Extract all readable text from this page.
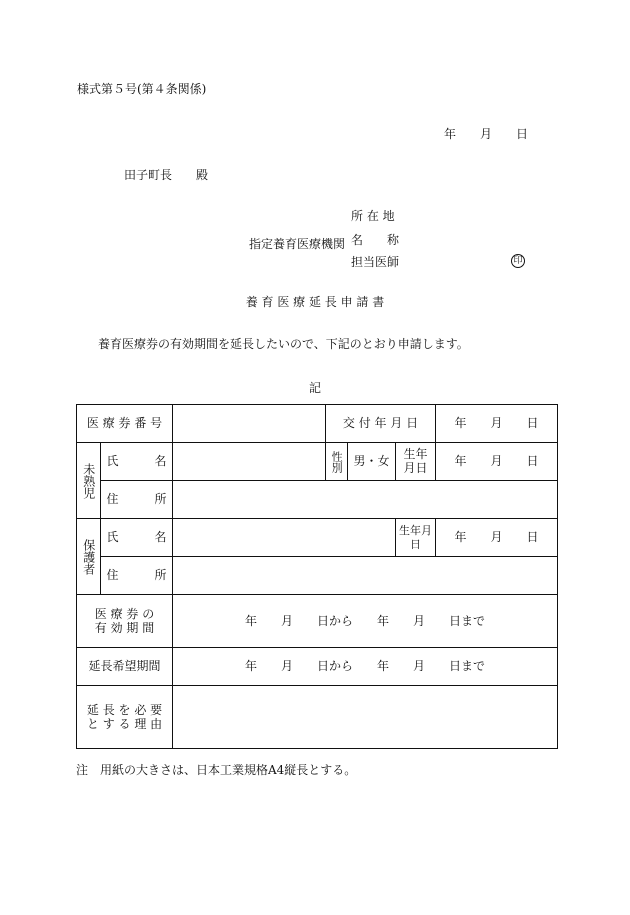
様式第５号(第４条関係)
年　　月　　日
田子町長　　殿
指定養育医療機関
所 在 地
名　　称
担当医師	印
養 育 医 療 延 長 申 請 書
養育医療券の有効期間を延長したいので、下記のとおり申請します。
記
医 療 券 番 号			交 付 年 月 日			年　　月　　日
未熟児	氏　　　名		性別	男・女	生年月日	年　　月　　日
	住　　　所					
保護者	氏　　　名				生年月日	年　　月　　日
	住　　　所					

医 療 券 の
有 効 期 間		年　　月　　日から　　年　　月　　日まで				
延長希望期間		年　　月　　日から　　年　　月　　日まで				

延 長 を 必 要
と す る 理 由						

注　用紙の大きさは、日本工業規格A4縦長とする。
